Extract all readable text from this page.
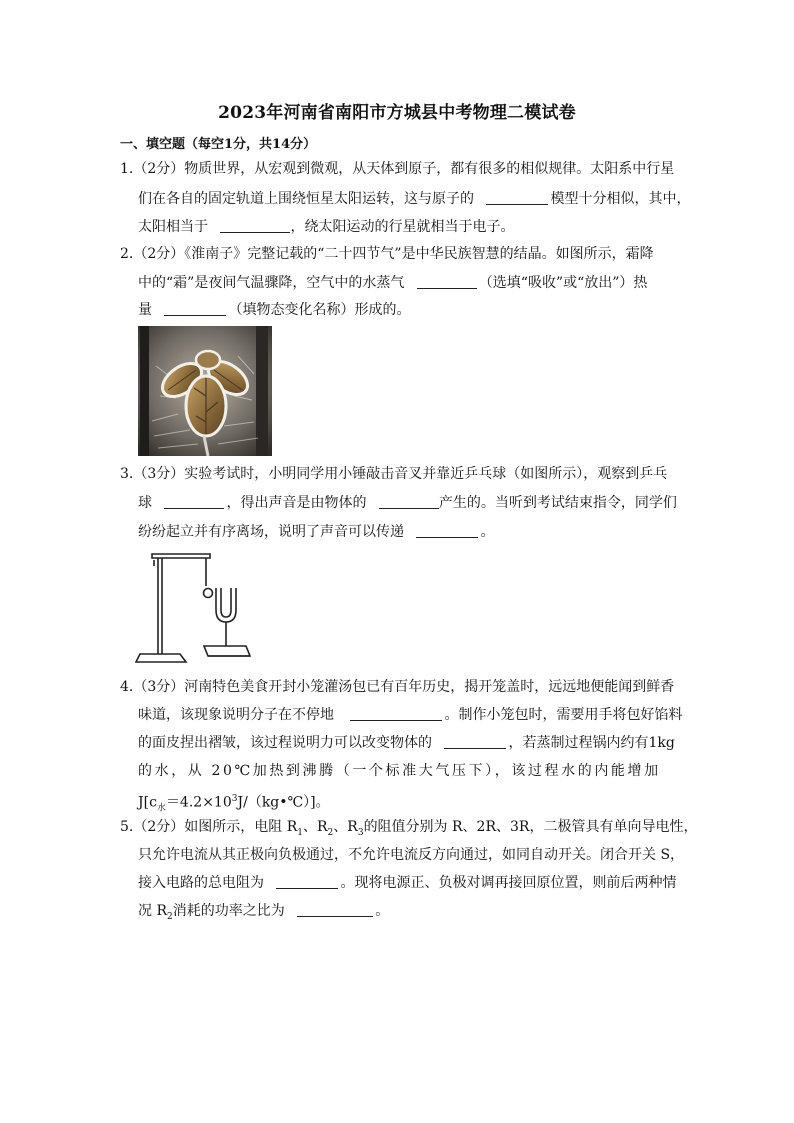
2023年河南省南阳市方城县中考物理二模试卷
一、填空题（每空1分，共14分）
1.（2分）物质世界，从宏观到微观，从天体到原子，都有很多的相似规律。太阳系中行星
们在各自的固定轨道上围绕恒星太阳运转，这与原子的	模型十分相似，其中，
太阳相当于	，绕太阳运动的行星就相当于电子。
2.（2分）《淮南子》完整记载的“二十四节气”是中华民族智慧的结晶。如图所示，霜降
中的“霜”是夜间气温骤降，空气中的水蒸气	（选填“吸收”或“放出”）热
量	（填物态变化名称）形成的。
3.（3分）实验考试时，小明同学用小锤敲击音叉并靠近乒乓球（如图所示），观察到乒乓
球	，得出声音是由物体的	产生的。当听到考试结束指令，同学们
纷纷起立并有序离场，说明了声音可以传递	。
4.（3分）河南特色美食开封小笼灌汤包已有百年历史，揭开笼盖时，远远地便能闻到鲜香
味道，该现象说明分子在不停地	。制作小笼包时，需要用手将包好馅料
的面皮捏出褶皱，该过程说明力可以改变物体的	，若蒸制过程锅内约有1kg
的水，从 20℃加热到沸腾（一个标准大气压下），该过程水的内能增加
$J[c_水=4.2\times 10^3J/(kg•℃)]$。
5.（2分）如图所示，电阻 $R_1$、$R_2$、$R_3$的阻值分别为 R、2R、3R，二极管具有单向导电性，
只允许电流从其正极向负极通过，不允许电流反方向通过，如同自动开关。闭合开关 S，
接入电路的总电阻为	。现将电源正、负极对调再接回原位置，则前后两种情
况 $R_2$消耗的功率之比为	。
